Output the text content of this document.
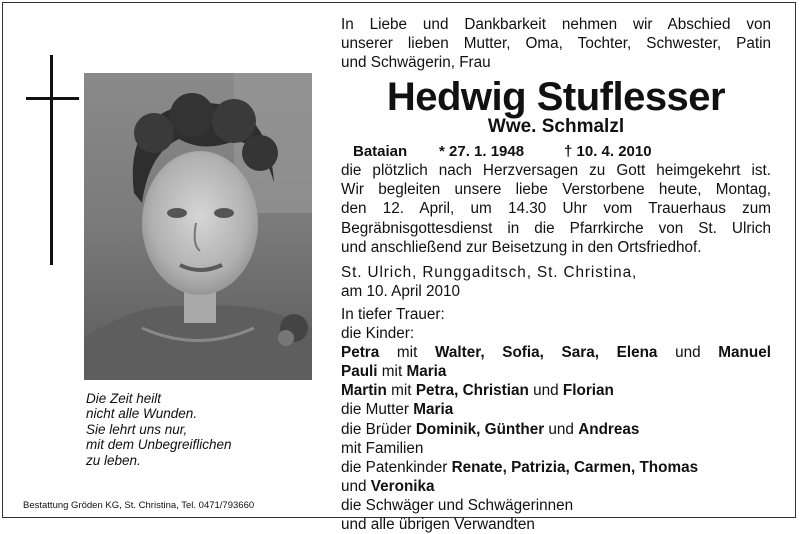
Die Zeit heilt
nicht alle Wunden.
Sie lehrt uns nur,
mit dem Unbegreiflichen
zu leben.
Bestattung Gröden KG, St. Christina, Tel. 0471/793660
In Liebe und Dankbarkeit nehmen wir Abschied von
unserer lieben Mutter, Oma, Tochter, Schwester, Patin
und Schwägerin, Frau
Hedwig Stuflesser
Wwe. Schmalzl
Bataian * 27. 1. 1948	† 10. 4. 2010
die plötzlich nach Herzversagen zu Gott heimgekehrt ist.
Wir begleiten unsere liebe Verstorbene heute, Montag,
den 12. April, um 14.30 Uhr vom Trauerhaus zum
Begräbnisgottesdienst in die Pfarrkirche von St. Ulrich
und anschließend zur Beisetzung in den Ortsfriedhof.
St. Ulrich, Runggaditsch, St. Christina,
am 10. April 2010
In tiefer Trauer:
die Kinder:
Petra mit Walter, Sofia, Sara, Elena und Manuel
Pauli mit Maria
Martin mit Petra, Christian und Florian
die Mutter Maria
die Brüder Dominik, Günther und Andreas
mit Familien
die Patenkinder Renate, Patrizia, Carmen, Thomas
und Veronika
die Schwäger und Schwägerinnen
und alle übrigen Verwandten
